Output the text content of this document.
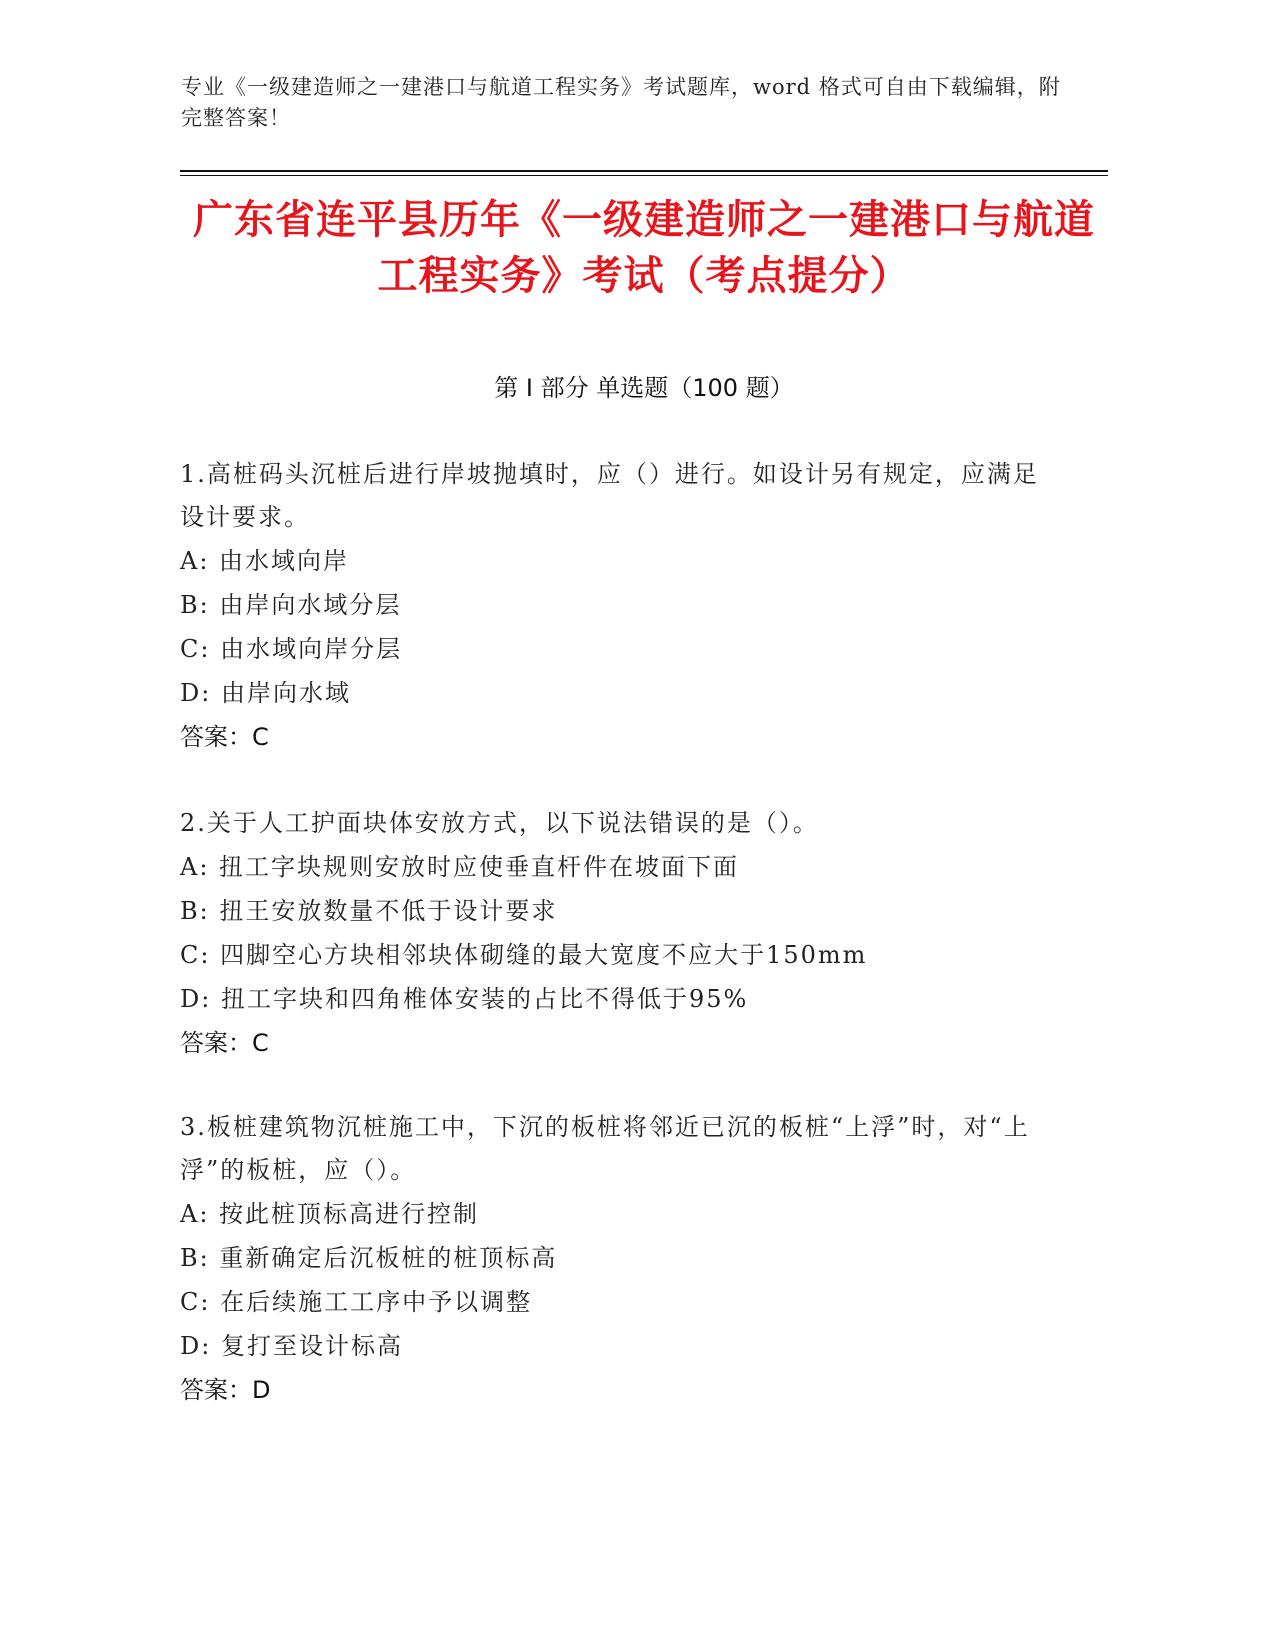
专业《一级建造师之一建港口与航道工程实务》考试题库，word 格式可自由下载编辑，附完整答案！
广东省连平县历年《一级建造师之一建港口与航道工程实务》考试（考点提分）
第 I 部分 单选题（100 题）

1.高桩码头沉桩后进行岸坡抛填时，应（）进行。如设计另有规定，应满足设计要求。

A: 由水域向岸

B: 由岸向水域分层

C: 由水域向岸分层

D: 由岸向水域

答案：C

2.关于人工护面块体安放方式，以下说法错误的是（）。

A: 扭工字块规则安放时应使垂直杆件在坡面下面

B: 扭王安放数量不低于设计要求

C: 四脚空心方块相邻块体砌缝的最大宽度不应大于150mm

D: 扭工字块和四角椎体安装的占比不得低于95%

答案：C

3.板桩建筑物沉桩施工中，下沉的板桩将邻近已沉的板桩“上浮”时，对“上浮”的板桩，应（）。

A: 按此桩顶标高进行控制

B: 重新确定后沉板桩的桩顶标高

C: 在后续施工工序中予以调整

D: 复打至设计标高

答案：D
